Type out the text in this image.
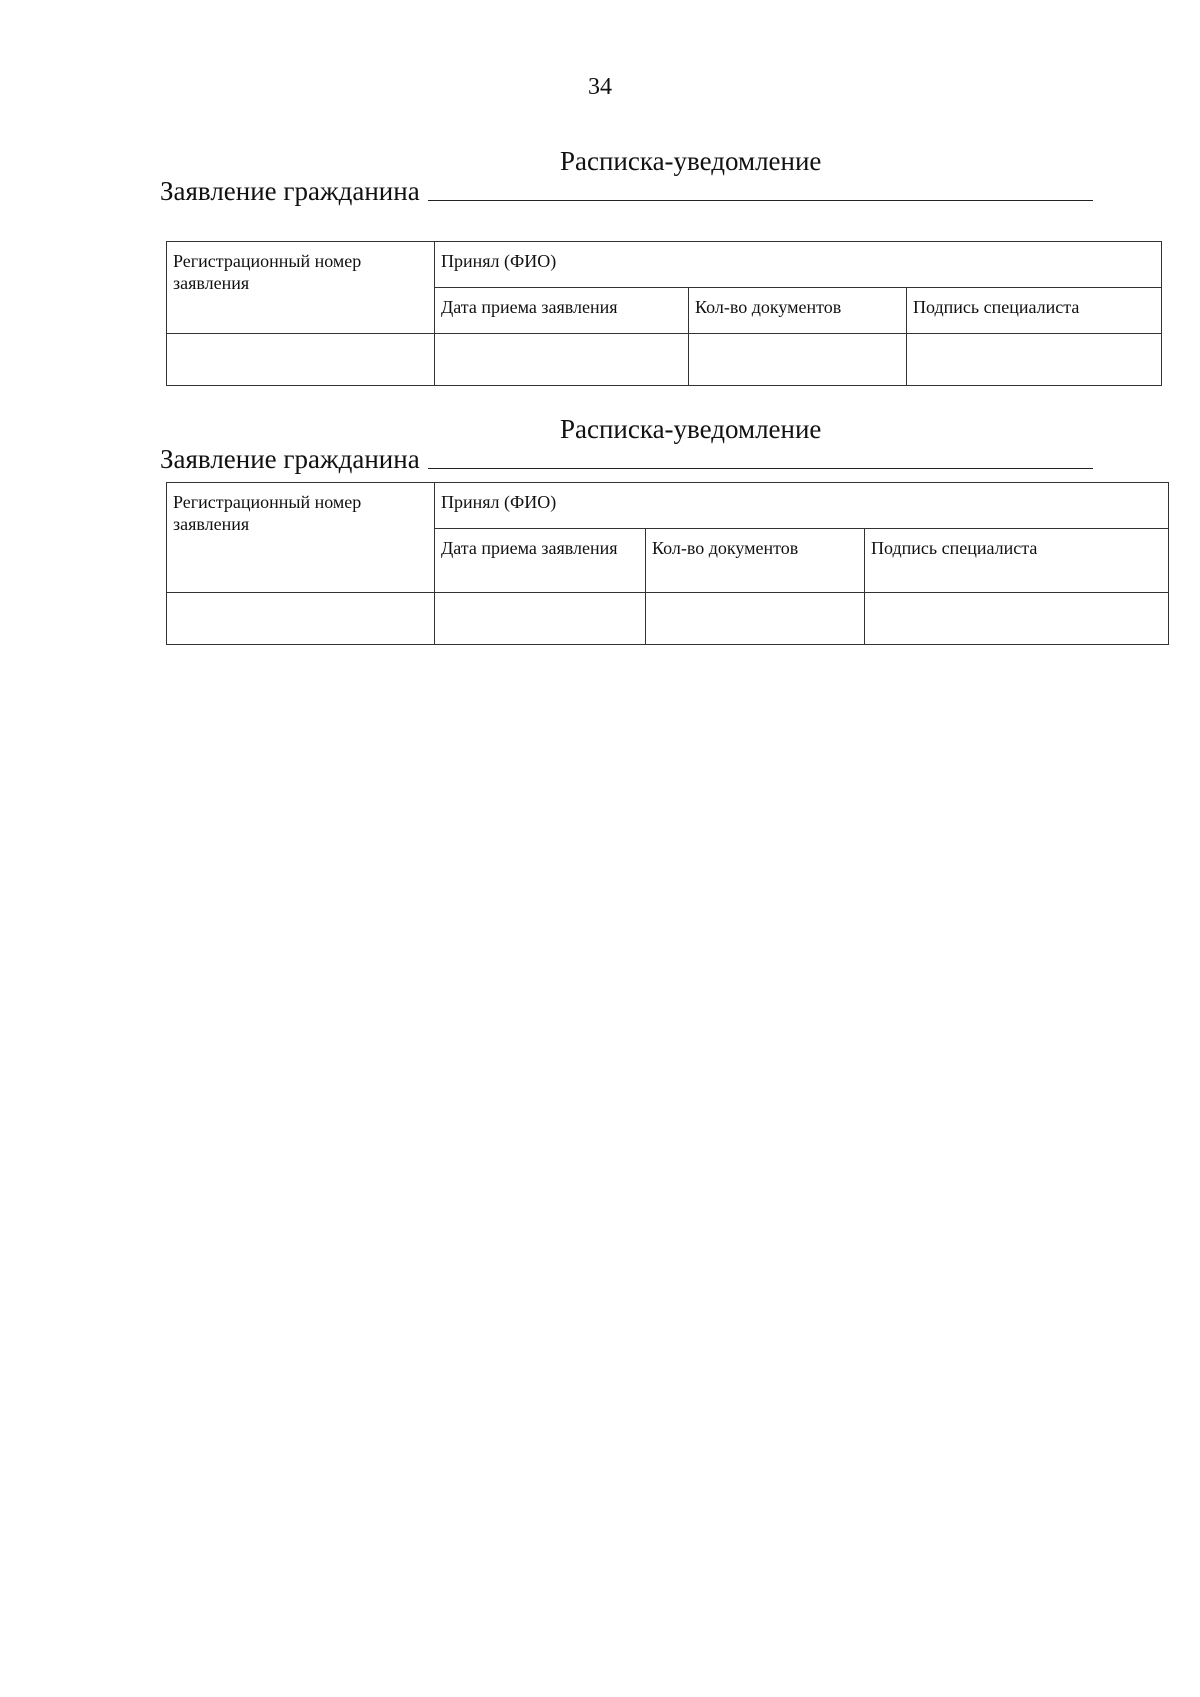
34
Расписка-уведомление
Заявление гражданина
Регистрационный номер заявления	Принял (ФИО)		
	Дата приема заявления	Кол-во документов	Подпись специалиста

Расписка-уведомление
Заявление гражданина
Регистрационный номер заявления	Принял (ФИО)		
	Дата приема заявления	Кол-во документов	Подпись специалиста
